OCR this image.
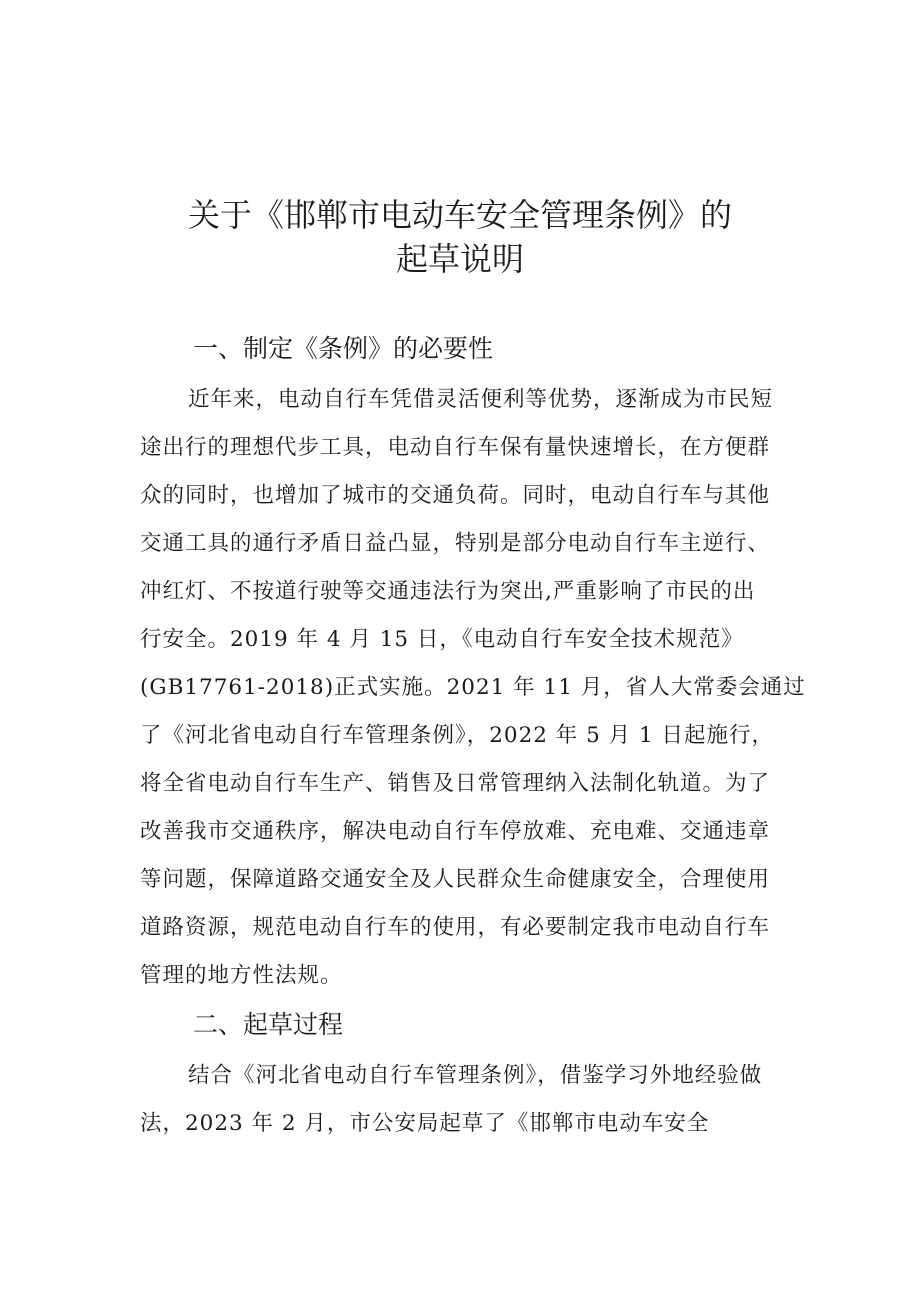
关于《邯郸市电动车安全管理条例》的
起草说明
一、制定《条例》的必要性
近年来，电动自行车凭借灵活便利等优势，逐渐成为市民短
途出行的理想代步工具，电动自行车保有量快速增长，在方便群
众的同时，也增加了城市的交通负荷。同时，电动自行车与其他
交通工具的通行矛盾日益凸显，特别是部分电动自行车主逆行、
冲红灯、不按道行驶等交通违法行为突出,严重影响了市民的出
行安全。2019 年 4 月 15 日，《电动自行车安全技术规范》
(GB17761-2018)正式实施。2021 年 11 月，省人大常委会通过
了《河北省电动自行车管理条例》，2022 年 5 月 1 日起施行，
将全省电动自行车生产、销售及日常管理纳入法制化轨道。为了
改善我市交通秩序，解决电动自行车停放难、充电难、交通违章
等问题，保障道路交通安全及人民群众生命健康安全，合理使用
道路资源，规范电动自行车的使用，有必要制定我市电动自行车
管理的地方性法规。
二、起草过程
结合《河北省电动自行车管理条例》，借鉴学习外地经验做
法，2023 年 2 月，市公安局起草了《邯郸市电动车安全
